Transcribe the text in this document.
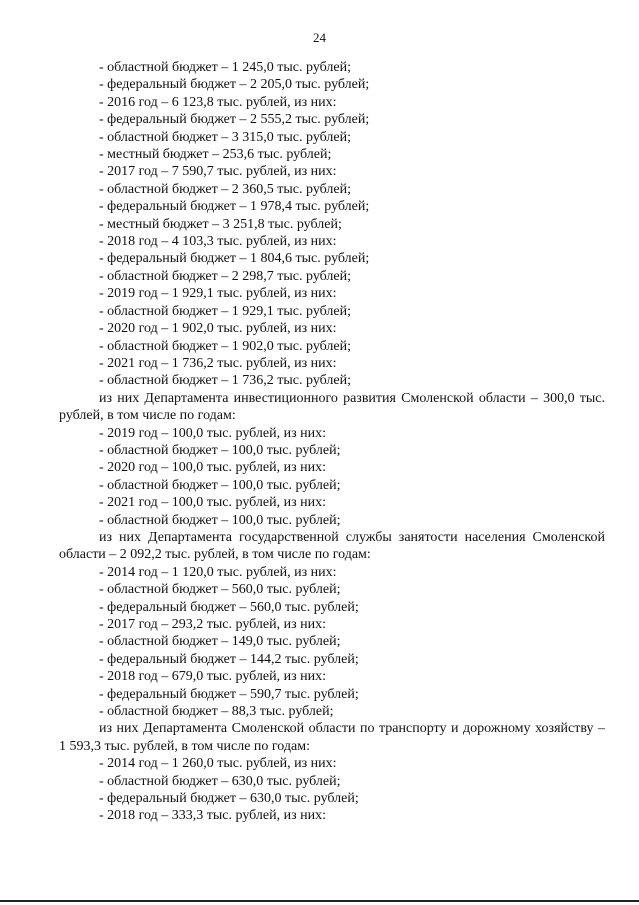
24
- областной бюджет – 1 245,0 тыс. рублей;
- федеральный бюджет – 2 205,0 тыс. рублей;
- 2016 год – 6 123,8 тыс. рублей, из них:
- федеральный бюджет – 2 555,2 тыс. рублей;
- областной бюджет – 3 315,0 тыс. рублей;
- местный бюджет – 253,6 тыс. рублей;
- 2017 год – 7 590,7 тыс. рублей, из них:
- областной бюджет – 2 360,5 тыс. рублей;
- федеральный бюджет – 1 978,4 тыс. рублей;
- местный бюджет – 3 251,8 тыс. рублей;
- 2018 год – 4 103,3 тыс. рублей, из них:
- федеральный бюджет – 1 804,6 тыс. рублей;
- областной бюджет – 2 298,7 тыс. рублей;
- 2019 год – 1 929,1 тыс. рублей, из них:
- областной бюджет – 1 929,1 тыс. рублей;
- 2020 год – 1 902,0 тыс. рублей, из них:
- областной бюджет – 1 902,0 тыс. рублей;
- 2021 год – 1 736,2 тыс. рублей, из них:
- областной бюджет – 1 736,2 тыс. рублей;
из них Департамента инвестиционного развития Смоленской области – 300,0 тыс. рублей, в том числе по годам:
- 2019 год – 100,0 тыс. рублей, из них:
- областной бюджет – 100,0 тыс. рублей;
- 2020 год – 100,0 тыс. рублей, из них:
- областной бюджет – 100,0 тыс. рублей;
- 2021 год – 100,0 тыс. рублей, из них:
- областной бюджет – 100,0 тыс. рублей;
из них Департамента государственной службы занятости населения Смоленской области – 2 092,2 тыс. рублей, в том числе по годам:
- 2014 год – 1 120,0 тыс. рублей, из них:
- областной бюджет – 560,0 тыс. рублей;
- федеральный бюджет – 560,0 тыс. рублей;
- 2017 год – 293,2 тыс. рублей, из них:
- областной бюджет – 149,0 тыс. рублей;
- федеральный бюджет – 144,2 тыс. рублей;
- 2018 год – 679,0 тыс. рублей, из них:
- федеральный бюджет – 590,7 тыс. рублей;
- областной бюджет – 88,3 тыс. рублей;
из них Департамента Смоленской области по транспорту и дорожному хозяйству – 1 593,3 тыс. рублей, в том числе по годам:
- 2014 год – 1 260,0 тыс. рублей, из них:
- областной бюджет – 630,0 тыс. рублей;
- федеральный бюджет – 630,0 тыс. рублей;
- 2018 год – 333,3 тыс. рублей, из них:
